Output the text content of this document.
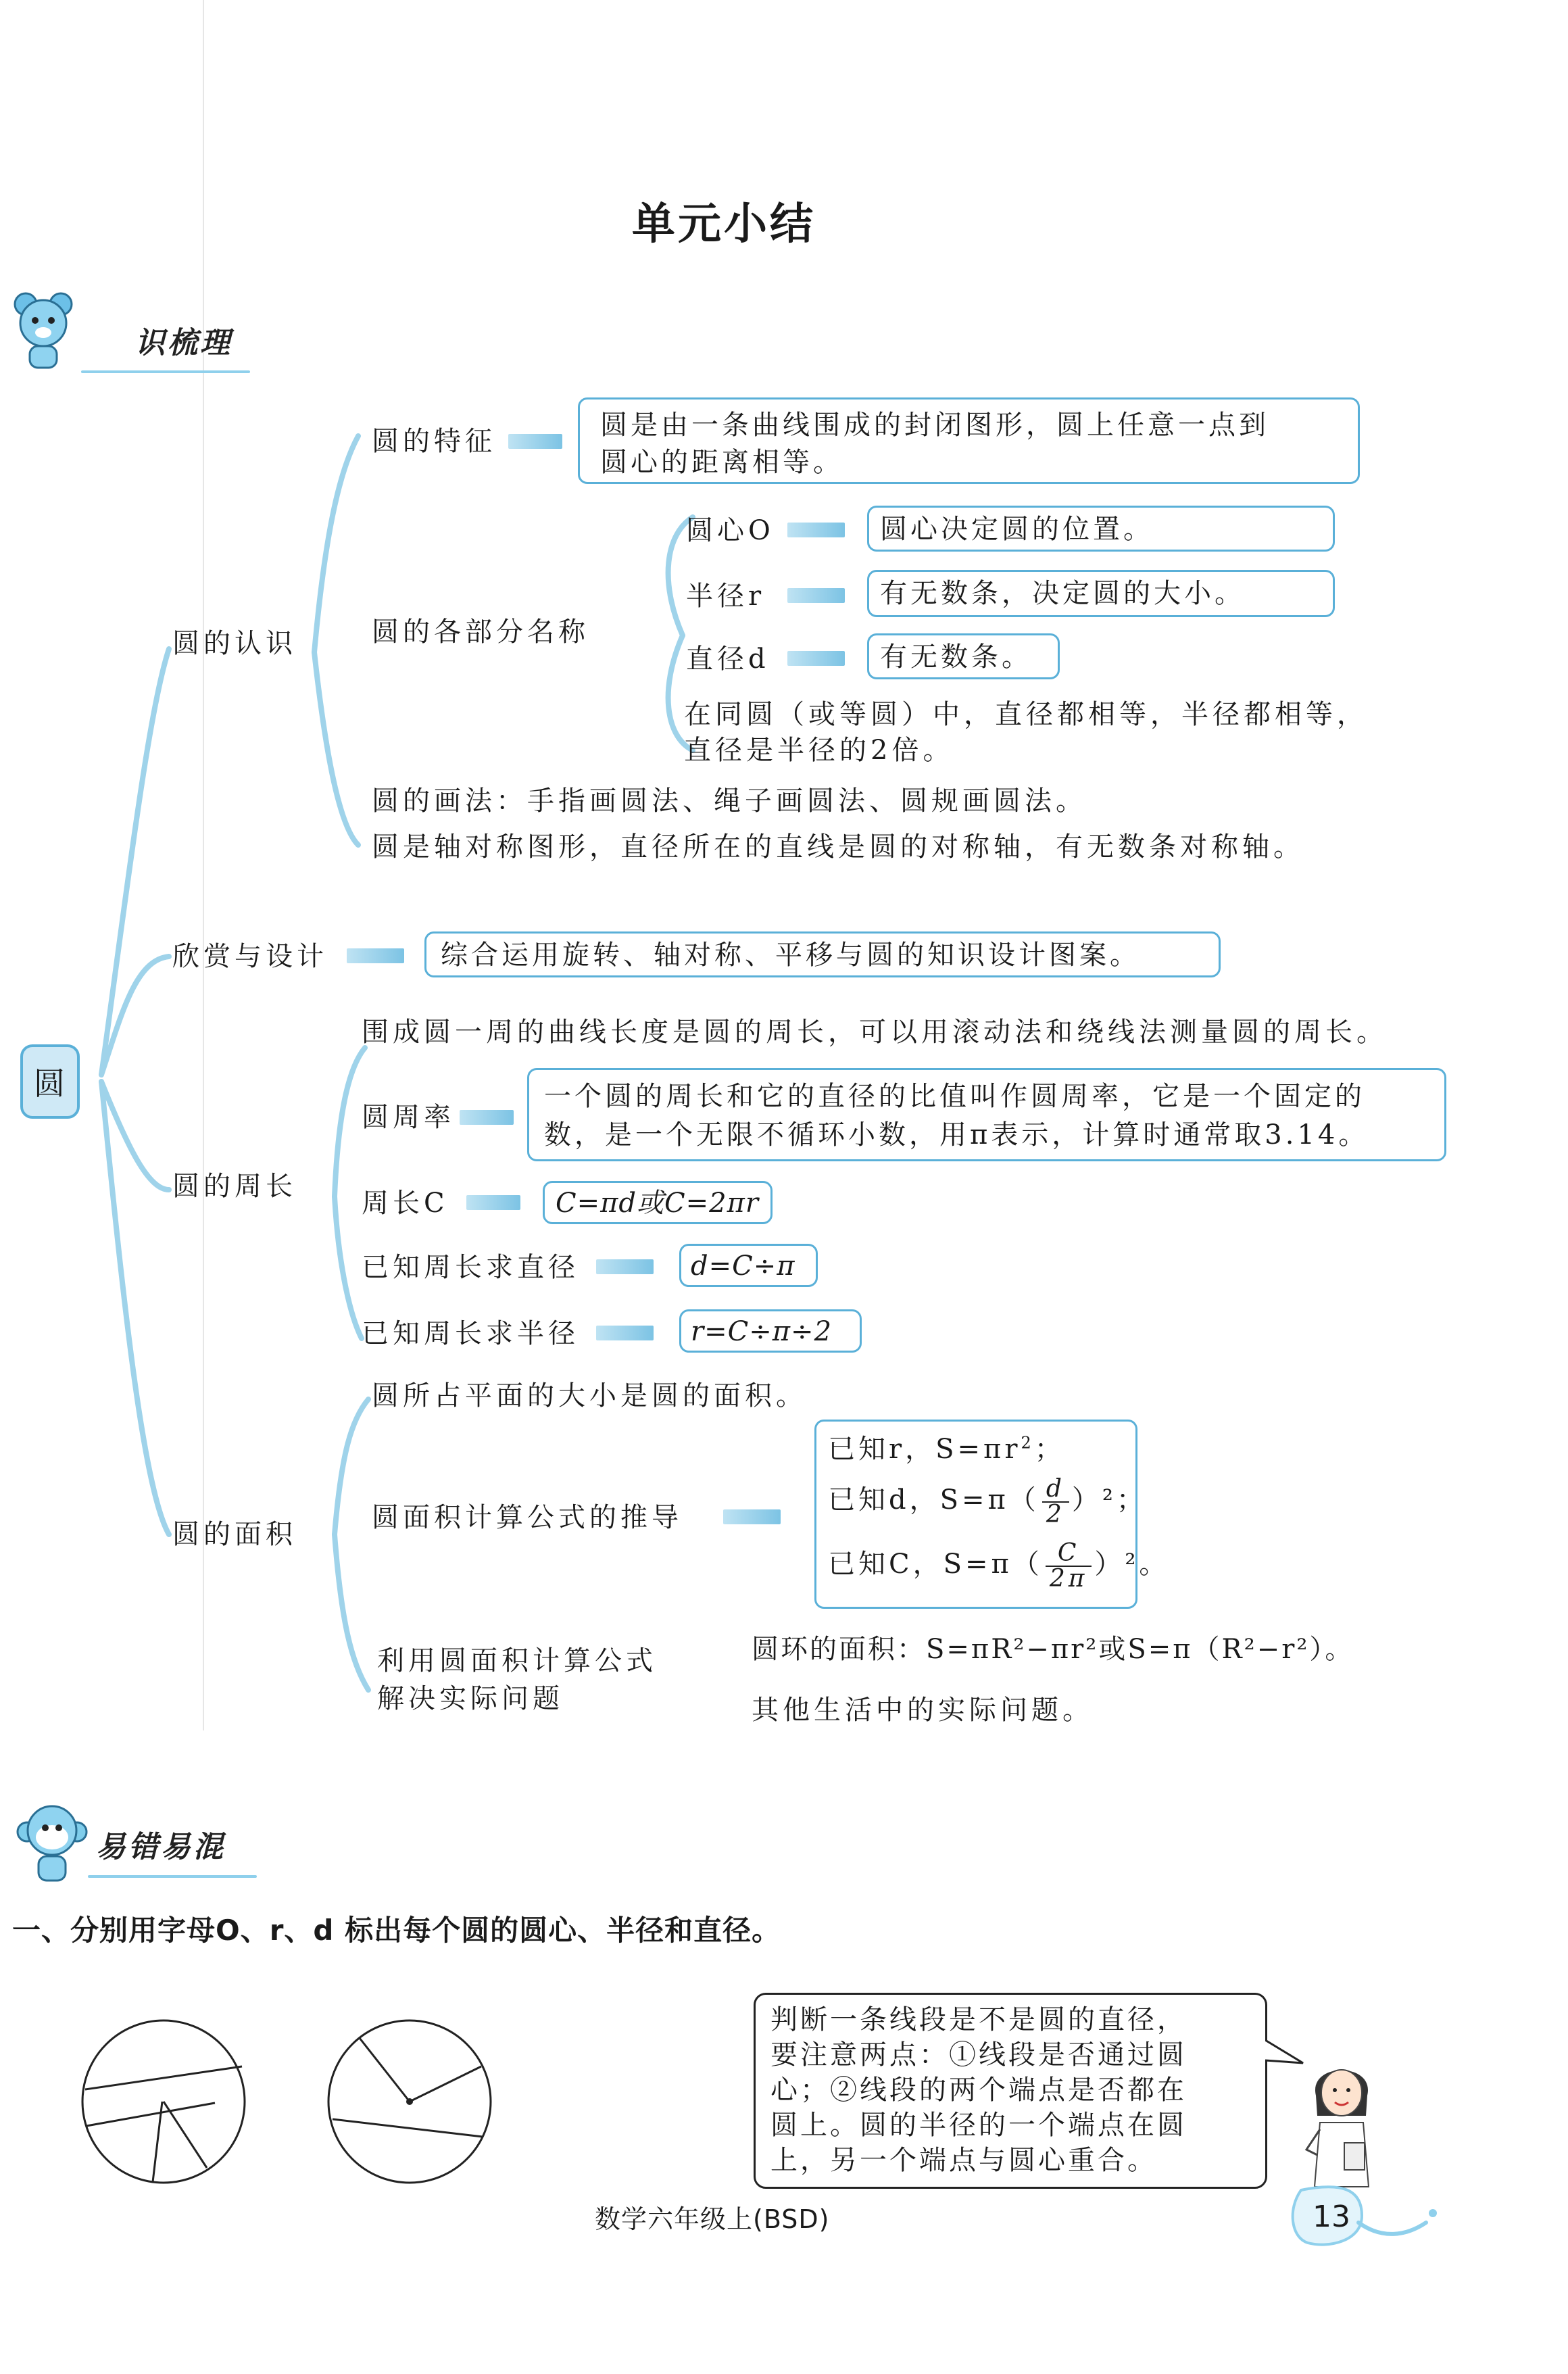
单元小结
识梳理
圆
圆的认识
圆的特征
圆是由一条曲线围成的封闭图形，圆上任意一点到
圆心的距离相等。
圆的各部分名称
圆心O	圆心决定圆的位置。
半径r	有无数条，决定圆的大小。
直径d	有无数条。
在同圆（或等圆）中，直径都相等，半径都相等，
直径是半径的2倍。
圆的画法：手指画圆法、绳子画圆法、圆规画圆法。
圆是轴对称图形，直径所在的直线是圆的对称轴，有无数条对称轴。
欣赏与设计	综合运用旋转、轴对称、平移与圆的知识设计图案。
圆的周长
围成圆一周的曲线长度是圆的周长，可以用滚动法和绕线法测量圆的周长。
圆周率
一个圆的周长和它的直径的比值叫作圆周率，它是一个固定的
数，是一个无限不循环小数，用π表示，计算时通常取3.14。
周长C	C=πd或C=2πr
已知周长求直径	d=C÷π
已知周长求半径	r=C÷π÷2
圆的面积
圆所占平面的大小是圆的面积。
圆面积计算公式的推导
已知r，$S=\pi r^2$；
已知d，$S=\pi( \frac{d}{2} )^2$；
已知C，$S=\pi( \frac{C}{2\pi} )^2$。
利用圆面积计算公式
解决实际问题
圆环的面积：S=πR²−πr²或S=π（R²−r²）。
其他生活中的实际问题。
易错易混
一、分别用字母O、r、d 标出每个圆的圆心、半径和直径。
判断一条线段是不是圆的直径，
要注意两点：①线段是否通过圆
心；②线段的两个端点是否都在
圆上。圆的半径的一个端点在圆
上，另一个端点与圆心重合。
数学六年级上(BSD)	13
